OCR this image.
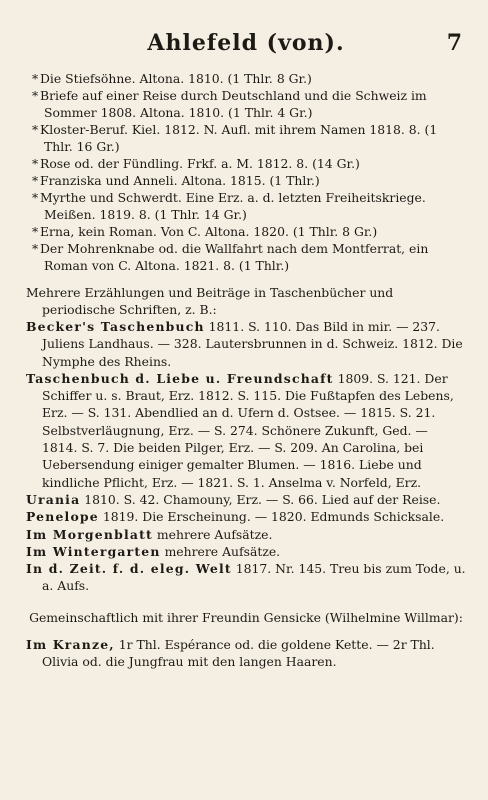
Ahlefeld (von).	7
* Die Stiefsöhne. Altona. 1810. (1 Thlr. 8 Gr.)
* Briefe auf einer Reise durch Deutschland und die Schweiz im Sommer 1808. Altona. 1810. (1 Thlr. 4 Gr.)
* Kloster-Beruf. Kiel. 1812. N. Aufl. mit ihrem Namen 1818. 8. (1 Thlr. 16 Gr.)
* Rose od. der Fündling. Frkf. a. M. 1812. 8. (14 Gr.)
* Franziska und Anneli. Altona. 1815. (1 Thlr.)
* Myrthe und Schwerdt. Eine Erz. a. d. letzten Freiheitskriege. Meißen. 1819. 8. (1 Thlr. 14 Gr.)
* Erna, kein Roman. Von C. Altona. 1820. (1 Thlr. 8 Gr.)
* Der Mohrenknabe od. die Wallfahrt nach dem Montferrat, ein Roman von C. Altona. 1821. 8. (1 Thlr.)
Mehrere Erzählungen und Beiträge in Taschenbücher und periodische Schriften, z. B.:
Becker's Taschenbuch 1811. S. 110. Das Bild in mir. — 237. Juliens Landhaus. — 328. Lautersbrunnen in d. Schweiz. 1812. Die Nymphe des Rheins.
Taschenbuch d. Liebe u. Freundschaft 1809. S. 121. Der Schiffer u. s. Braut, Erz. 1812. S. 115. Die Fußtapfen des Lebens, Erz. — S. 131. Abendlied an d. Ufern d. Ostsee. — 1815. S. 21. Selbstverläugnung, Erz. — S. 274. Schönere Zukunft, Ged. — 1814. S. 7. Die beiden Pilger, Erz. — S. 209. An Carolina, bei Uebersendung einiger gemalter Blumen. — 1816. Liebe und kindliche Pflicht, Erz. — 1821. S. 1. Anselma v. Norfeld, Erz.
Urania 1810. S. 42. Chamouny, Erz. — S. 66. Lied auf der Reise.
Penelope 1819. Die Erscheinung. — 1820. Edmunds Schicksale.
Im Morgenblatt mehrere Aufsätze.
Im Wintergarten mehrere Aufsätze.
In d. Zeit. f. d. eleg. Welt 1817. Nr. 145. Treu bis zum Tode, u. a. Aufs.
Gemeinschaftlich mit ihrer Freundin Gensicke (Wilhelmine Willmar):
Im Kranze, 1r Thl. Espérance od. die goldene Kette. — 2r Thl. Olivia od. die Jungfrau mit den langen Haaren.
